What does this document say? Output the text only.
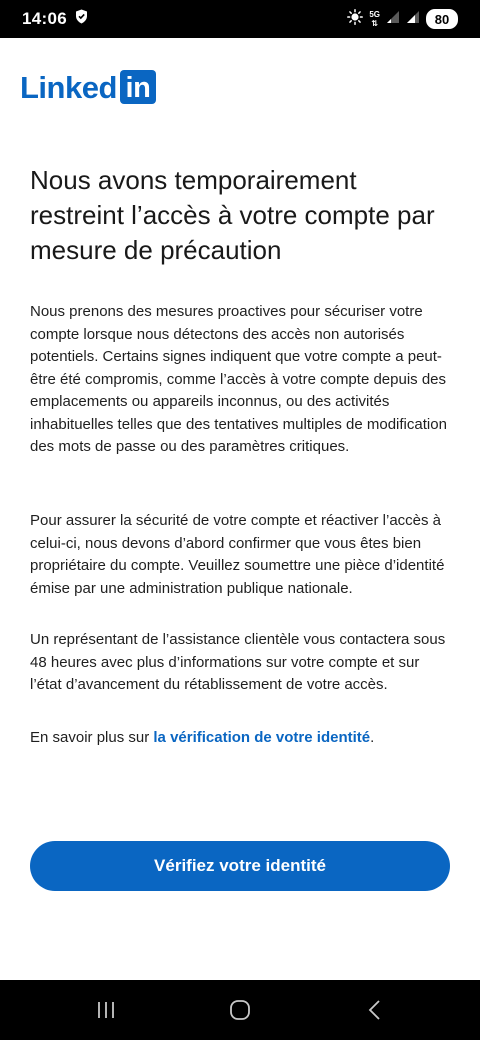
14:06	5G
⇅	80
Linked in
Nous avons temporairement restreint l’accès à votre compte par mesure de précaution

Nous prenons des mesures proactives pour sécuriser votre compte lorsque nous détectons des accès non autorisés potentiels. Certains signes indiquent que votre compte a peut-être été compromis, comme l’accès à votre compte depuis des emplacements ou appareils inconnus, ou des activités inhabituelles telles que des tentatives multiples de modification des mots de passe ou des paramètres critiques.

Pour assurer la sécurité de votre compte et réactiver l’accès à celui-ci, nous devons d’abord confirmer que vous êtes bien propriétaire du compte. Veuillez soumettre une pièce d’identité émise par une administration publique nationale.

Un représentant de l’assistance clientèle vous contactera sous 48 heures avec plus d’informations sur votre compte et sur l’état d’avancement du rétablissement de votre accès.

En savoir plus sur la vérification de votre identité.

Vérifiez votre identité
